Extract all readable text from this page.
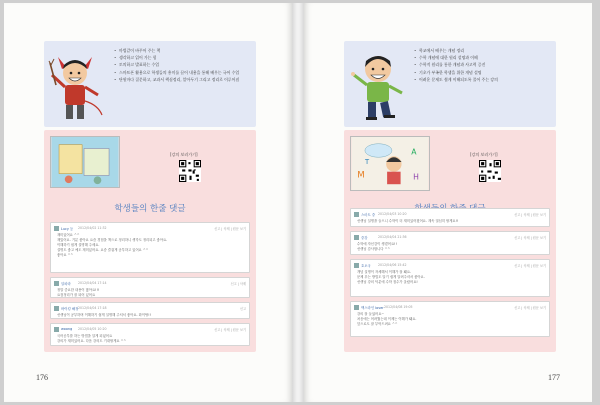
• 마법같이 바꾸어 주는 책
• 생각하고 읽어 가는 힘
• 토의하고 발표하는 수업
• 스마트폰 활용으로 학생들의 흥미를 끌어 내용을 통해 배우는 국어 수업
• 단원마다 질문하고, 교과서 핵심정리, 알아두기 그리고 정리로 이루어짐
[강의 보러가기]
학생들의 한줄 댓글
Lucy 등 2012/04/02 11:32	신고 | 삭제 | 원문 보기
재미있어요 ^^
재밌어요. 기분 좋아요 요즘 경험을 책으로 정리하니 생각도 정리되고 좋아요.
이해하기 쉽게 설명해 주세요.
설명도 좋고 예도 재미있어요. 요즘 즐겁게 공부하고 있어요 ^^
좋아요 ^^
알파라 2012/04/04 17:14	신고 | 삭제
정말 중요한 내용이 많아요!!!
요점정리가 잘 되어 있어요
바이킹 해정 2012/04/04 17:18	신고
선생님이 공부하며 이해하기 쉽게 설명해 주셔서 좋아요. 화이팅!!
woong 2012/04/05 10:20	신고 | 삭제 | 원문 보기
국어공부를 하는 방법을 알게 되었어요
강의가 재미있어요. 다음 강의도 기대할게요 ^^
176
• 학교에서 배우는 개념 정리
• 수학 개념에 대한 원리 설명과 이해
• 수학적 원리를 통한 개념과 사고력 증진
• 기초가 부족한 학생을 위한 개념 설명
• 어려운 문제도 쉽게 이해되도록 풀어 주는 강의
M
A
H
T
[강의 보러가기]
스마트 중 2012/04/03 10:20	신고 | 삭제 | 원문 보기
선생님 설명을 들으니 수학이 더 재미있어졌어요. 계속 열심히 할게요!!
중강	2012/04/04 21:36	신고 | 삭제 | 원문 보기
수학에 자신감이 생겼어요!!
선생님 감사합니다 ^^
호오국 2012/04/06 15:42	신고 | 삭제 | 원문 보기
개념 설명이 자세해서 이해가 잘 돼요.
문제 푸는 방법도 알기 쉽게 알려주셔서 좋아요.
선생님 강의 덕분에 수학 점수가 올랐어요!
맥스라인 lover 2012/04/08 19:05	신고 | 삭제 | 원문 보기
강의 잘 들었어요~
처음에는 어려웠는데 이제는 이해가 돼요.
앞으로도 잘 부탁드려요 ^^
177
